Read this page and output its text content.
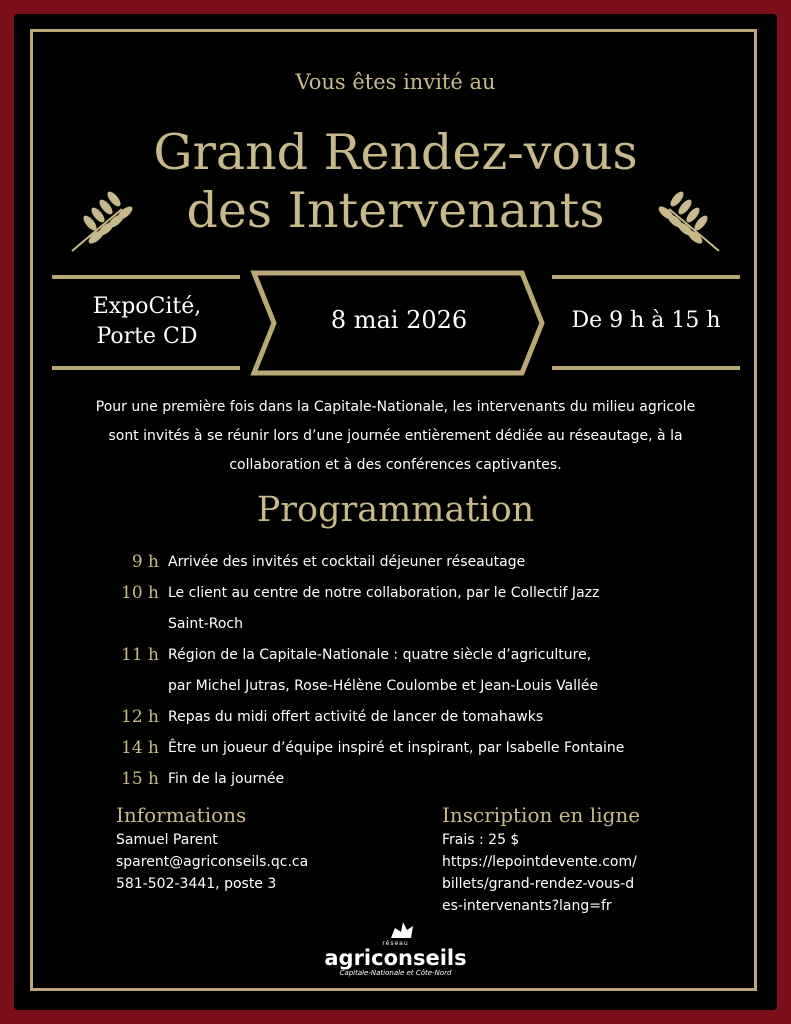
Vous êtes invité au
Grand Rendez-vous
des Intervenants
ExpoCité,
Porte CD
8 mai 2026	De 9 h à 15 h
Pour une première fois dans la Capitale-Nationale, les intervenants du milieu agricole
sont invités à se réunir lors d’une journée entièrement dédiée au réseautage, à la
collaboration et à des conférences captivantes.
Programmation
9 h Arrivée des invités et cocktail déjeuner réseautage
10 h Le client au centre de notre collaboration, par le Collectif Jazz
Saint-Roch
11 h Région de la Capitale-Nationale : quatre siècle d’agriculture,
par Michel Jutras, Rose-Hélène Coulombe et Jean-Louis Vallée
12 h Repas du midi offert activité de lancer de tomahawks
14 h Être un joueur d’équipe inspiré et inspirant, par Isabelle Fontaine
15 h Fin de la journée
Informations
Samuel Parent
sparent@agriconseils.qc.ca
581-502-3441, poste 3
Inscription en ligne
Frais : 25 $
https://lepointdevente.com/
billets/grand-rendez-vous-d
es-intervenants?lang=fr
réseau
agriconseils
Capitale-Nationale et Côte-Nord
